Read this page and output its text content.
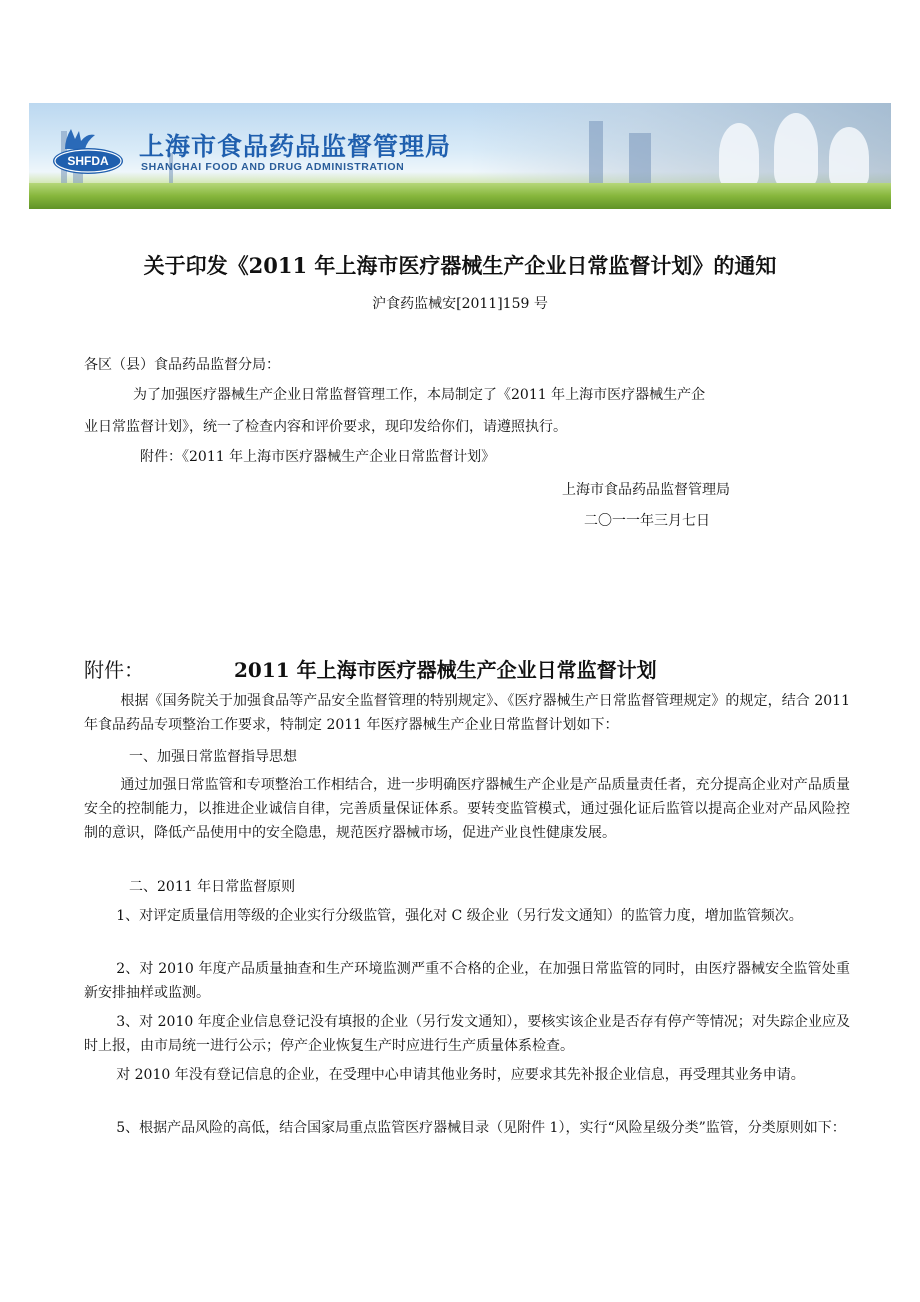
SHFDA 上海市食品药品监督管理局
SHANGHAI FOOD AND DRUG ADMINISTRATION
关于印发《2011 年上海市医疗器械生产企业日常监督计划》的通知
沪食药监械安[2011]159 号
各区（县）食品药品监督分局：
为了加强医疗器械生产企业日常监督管理工作，本局制定了《2011 年上海市医疗器械生产企
业日常监督计划》，统一了检查内容和评价要求，现印发给你们，请遵照执行。
附件：《2011 年上海市医疗器械生产企业日常监督计划》
上海市食品药品监督管理局
二〇一一年三月七日
附件：	2011 年上海市医疗器械生产企业日常监督计划
根据《国务院关于加强食品等产品安全监督管理的特别规定》、《医疗器械生产日常监督管理规定》的规定，结合 2011 年食品药品专项整治工作要求，特制定 2011 年医疗器械生产企业日常监督计划如下：
一、加强日常监督指导思想
通过加强日常监管和专项整治工作相结合，进一步明确医疗器械生产企业是产品质量责任者，充分提高企业对产品质量安全的控制能力，以推进企业诚信自律，完善质量保证体系。要转变监管模式，通过强化证后监管以提高企业对产品风险控制的意识，降低产品使用中的安全隐患，规范医疗器械市场，促进产业良性健康发展。
二、2011 年日常监督原则
1、对评定质量信用等级的企业实行分级监管，强化对 C 级企业（另行发文通知）的监管力度，增加监管频次。
2、对 2010 年度产品质量抽查和生产环境监测严重不合格的企业，在加强日常监管的同时，由医疗器械安全监管处重新安排抽样或监测。
3、对 2010 年度企业信息登记没有填报的企业（另行发文通知），要核实该企业是否存有停产等情况；对失踪企业应及时上报，由市局统一进行公示；停产企业恢复生产时应进行生产质量体系检查。
对 2010 年没有登记信息的企业，在受理中心申请其他业务时，应要求其先补报企业信息，再受理其业务申请。
5、根据产品风险的高低，结合国家局重点监管医疗器械目录（见附件 1），实行“风险星级分类”监管，分类原则如下：
